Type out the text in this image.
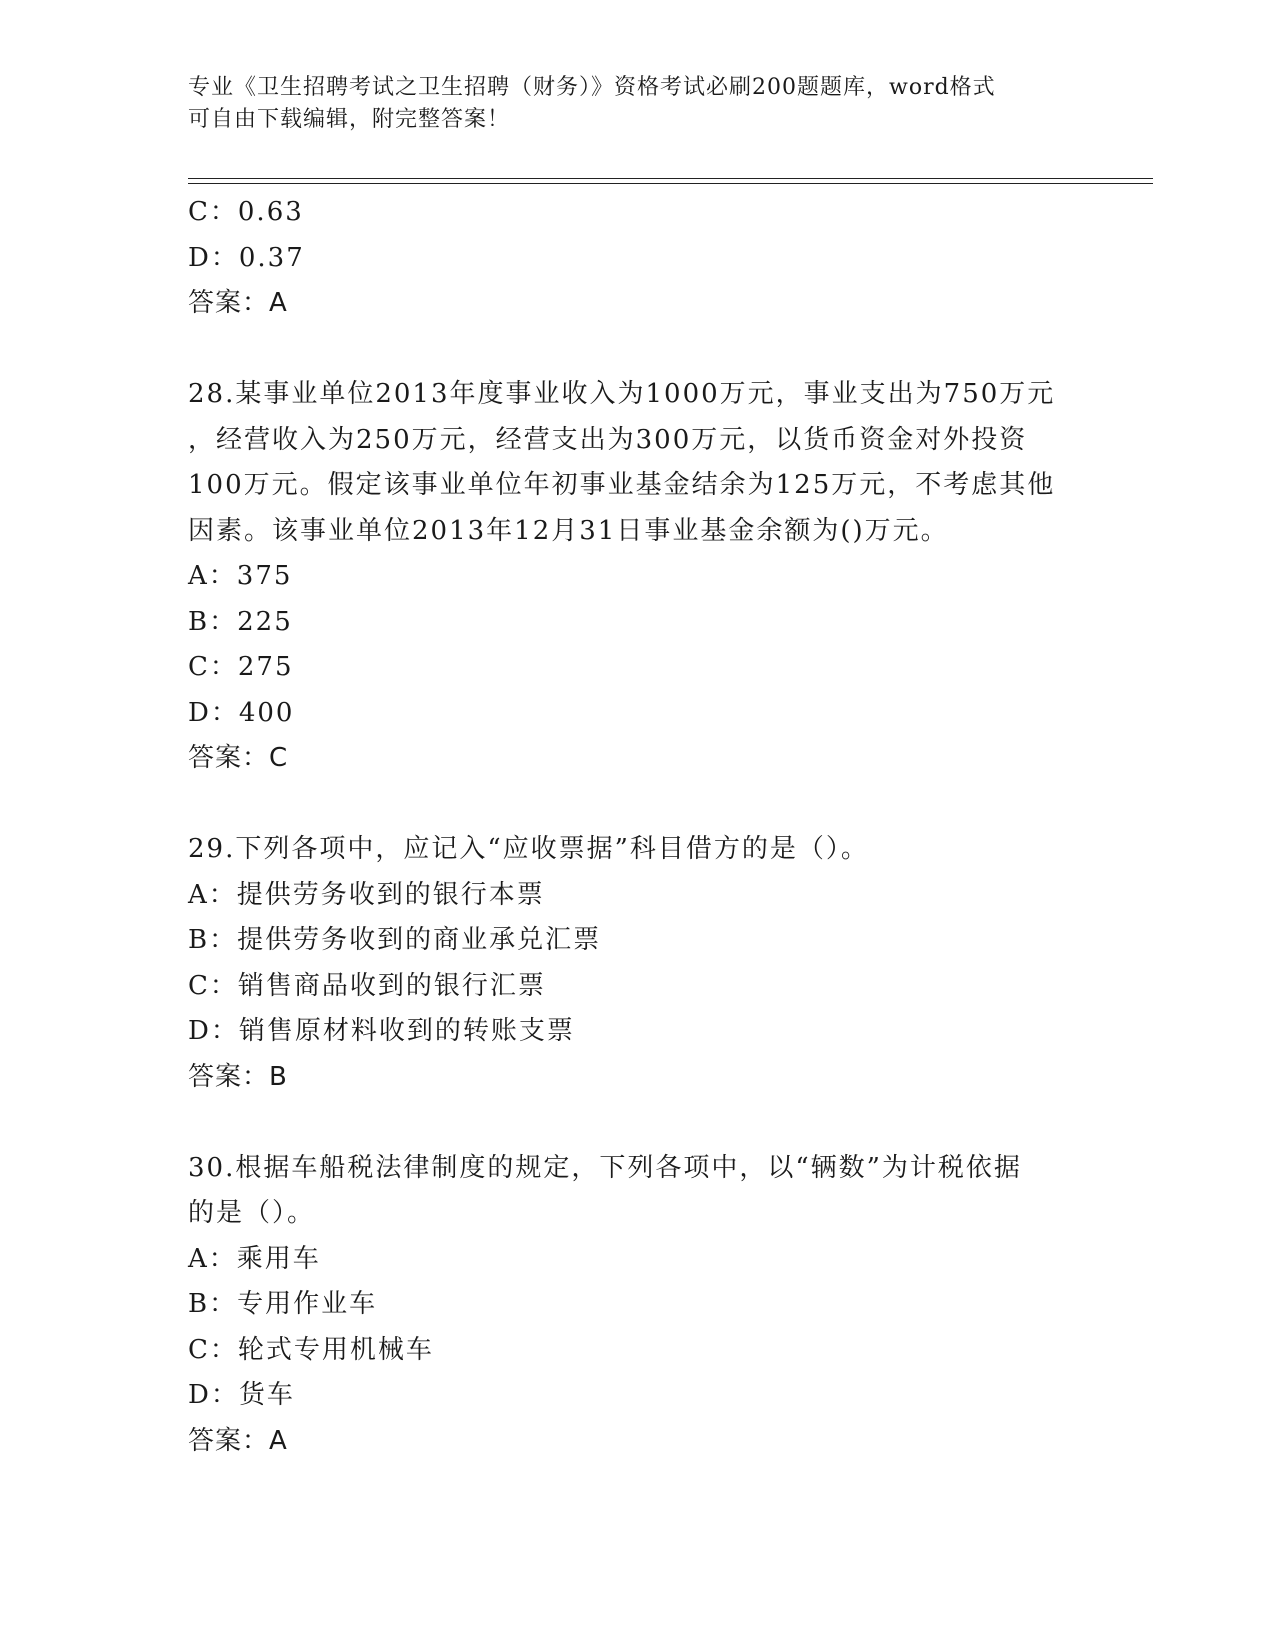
专业《卫生招聘考试之卫生招聘（财务）》资格考试必刷200题题库，word格式
可自由下载编辑，附完整答案！
C：0.63
D：0.37
答案：A
28.某事业单位2013年度事业收入为1000万元，事业支出为750万元
，经营收入为250万元，经营支出为300万元，以货币资金对外投资
100万元。假定该事业单位年初事业基金结余为125万元，不考虑其他
因素。该事业单位2013年12月31日事业基金余额为()万元。
A：375
B：225
C：275
D：400
答案：C
29.下列各项中，应记入“应收票据”科目借方的是（）。
A：提供劳务收到的银行本票
B：提供劳务收到的商业承兑汇票
C：销售商品收到的银行汇票
D：销售原材料收到的转账支票
答案：B
30.根据车船税法律制度的规定，下列各项中，以“辆数”为计税依据
的是（）。
A：乘用车
B：专用作业车
C：轮式专用机械车
D：货车
答案：A
